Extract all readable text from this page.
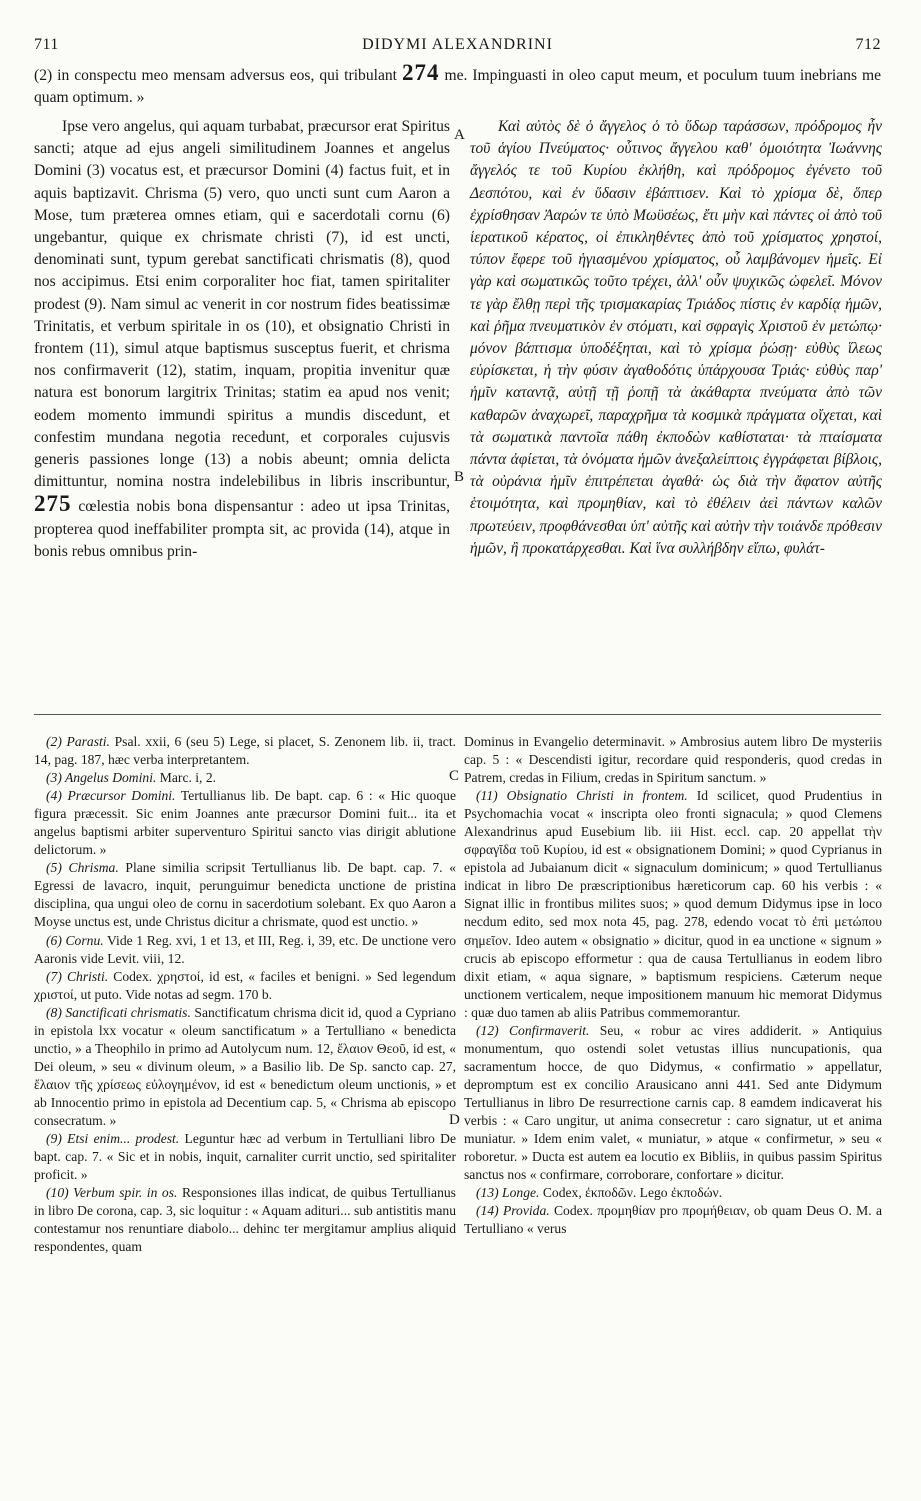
711	DIDYMI ALEXANDRINI	712
(2) in conspectu meo mensam adversus eos, qui tribulant 274 me. Impinguasti in oleo caput meum, et poculum tuum inebrians me quam optimum. »

Ipse vero angelus, qui aquam turbabat, præcursor erat Spiritus sancti; atque ad ejus angeli similitudinem Joannes et angelus Domini (3) vocatus est, et præcursor Domini (4) factus fuit, et in aquis baptizavit. Chrisma (5) vero, quo uncti sunt cum Aaron a Mose, tum præterea omnes etiam, qui e sacerdotali cornu (6) ungebantur, quique ex chrismate christi (7), id est uncti, denominati sunt, typum gerebat sanctificati chrismatis (8), quod nos accipimus. Etsi enim corporaliter hoc fiat, tamen spiritaliter prodest (9). Nam simul ac venerit in cor nostrum fides beatissimæ Trinitatis, et verbum spiritale in os (10), et obsignatio Christi in frontem (11), simul atque baptismus susceptus fuerit, et chrisma nos confirmaverit (12), statim, inquam, propitia invenitur quæ natura est bonorum largitrix Trinitas; statim ea apud nos venit; eodem momento immundi spiritus a mundis discedunt, et confestim mundana negotia recedunt, et corporales cujusvis generis passiones longe (13) a nobis abeunt; omnia delicta dimittuntur, nomina nostra indelebilibus in libris inscribuntur, 275 cœlestia nobis bona dispensantur : adeo ut ipsa Trinitas, propterea quod ineffabiliter prompta sit, ac provida (14), atque in bonis rebus omnibus prin-

Καὶ αὐτὸς δὲ ὁ ἄγγελος ὁ τὸ ὕδωρ ταράσσων, πρόδρομος ἦν τοῦ ἁγίου Πνεύματος· οὗτινος ἄγγελου καθ' ὁμοιότητα Ἰωάννης ἄγγελός τε τοῦ Κυρίου ἐκλήθη, καὶ πρόδρομος ἐγένετο τοῦ Δεσπότου, καὶ ἐν ὕδασιν ἐβάπτισεν. Καὶ τὸ χρίσμα δὲ, ὅπερ ἐχρίσθησαν Ἀαρών τε ὑπὸ Μωϋσέως, ἔτι μὴν καὶ πάντες οἱ ἀπὸ τοῦ ἱερατικοῦ κέρατος, οἱ ἐπικληθέντες ἀπὸ τοῦ χρίσματος χρηστοί, τύπον ἔφερε τοῦ ἡγιασμένου χρίσματος, οὗ λαμβάνομεν ἡμεῖς. Εἰ γὰρ καὶ σωματικῶς τοῦτο τρέχει, ἀλλ' οὖν ψυχικῶς ὠφελεῖ. Μόνον τε γὰρ ἔλθῃ περὶ τῆς τρισμακαρίας Τριάδος πίστις ἐν καρδίᾳ ἡμῶν, καὶ ῥῆμα πνευματικὸν ἐν στόματι, καὶ σφραγὶς Χριστοῦ ἐν μετώπῳ· μόνον βάπτισμα ὑποδέξηται, καὶ τὸ χρίσμα ῥώσῃ· εὐθὺς ἵλεως εὑρίσκεται, ἡ τὴν φύσιν ἀγαθοδότις ὑπάρχουσα Τριάς· εὐθὺς παρ' ἡμῖν καταντᾷ, αὐτῇ τῇ ῥοπῇ τὰ ἀκάθαρτα πνεύματα ἀπὸ τῶν καθαρῶν ἀναχωρεῖ, παραχρῆμα τὰ κοσμικὰ πράγματα οἴχεται, καὶ τὰ σωματικὰ παντοῖα πάθη ἐκποδὼν καθίσταται· τὰ πταίσματα πάντα ἀφίεται, τὰ ὀνόματα ἡμῶν ἀνεξαλείπτοις ἐγγράφεται βίβλοις, τὰ οὐράνια ἡμῖν ἐπιτρέπεται ἀγαθά· ὡς διὰ τὴν ἄφατον αὐτῆς ἑτοιμότητα, καὶ προμηθίαν, καὶ τὸ ἐθέλειν ἀεὶ πάντων καλῶν πρωτεύειν, προφθάνεσθαι ὑπ' αὐτῆς καὶ αὐτὴν τὴν τοιάνδε πρόθεσιν ἡμῶν, ἢ προκατάρχεσθαι. Καὶ ἵνα συλλήβδην εἴπω, φυλάτ-

A
B
C
D

(2) Parasti. Psal. xxii, 6 (seu 5) Lege, si placet, S. Zenonem lib. ii, tract. 14, pag. 187, hæc verba interpretantem.

(3) Angelus Domini. Marc. i, 2.

(4) Præcursor Domini. Tertullianus lib. De bapt. cap. 6 : « Hic quoque figura præcessit. Sic enim Joannes ante præcursor Domini fuit... ita et angelus baptismi arbiter superventuro Spiritui sancto vias dirigit ablutione delictorum. »

(5) Chrisma. Plane similia scripsit Tertullianus lib. De bapt. cap. 7. « Egressi de lavacro, inquit, perunguimur benedicta unctione de pristina disciplina, qua ungui oleo de cornu in sacerdotium solebant. Ex quo Aaron a Moyse unctus est, unde Christus dicitur a chrismate, quod est unctio. »

(6) Cornu. Vide 1 Reg. xvi, 1 et 13, et III, Reg. i, 39, etc. De unctione vero Aaronis vide Levit. viii, 12.

(7) Christi. Codex. χρηστοί, id est, « faciles et benigni. » Sed legendum χριστοί, ut puto. Vide notas ad segm. 170 b.

(8) Sanctificati chrismatis. Sanctificatum chrisma dicit id, quod a Cypriano in epistola lxx vocatur « oleum sanctificatum » a Tertulliano « benedicta unctio, » a Theophilo in primo ad Autolycum num. 12, ἔλαιον Θεοῦ, id est, « Dei oleum, » seu « divinum oleum, » a Basilio lib. De Sp. sancto cap. 27, ἔλαιον τῆς χρίσεως εὐλογημένον, id est « benedictum oleum unctionis, » et ab Innocentio primo in epistola ad Decentium cap. 5, « Chrisma ab episcopo consecratum. »

(9) Etsi enim... prodest. Leguntur hæc ad verbum in Tertulliani libro De bapt. cap. 7. « Sic et in nobis, inquit, carnaliter currit unctio, sed spiritaliter proficit. »

(10) Verbum spir. in os. Responsiones illas indicat, de quibus Tertullianus in libro De corona, cap. 3, sic loquitur : « Aquam adituri... sub antistitis manu contestamur nos renuntiare diabolo... dehinc ter mergitamur amplius aliquid respondentes, quam

Dominus in Evangelio determinavit. » Ambrosius autem libro De mysteriis cap. 5 : « Descendisti igitur, recordare quid responderis, quod credas in Patrem, credas in Filium, credas in Spiritum sanctum. »

(11) Obsignatio Christi in frontem. Id scilicet, quod Prudentius in Psychomachia vocat « inscripta oleo fronti signacula; » quod Clemens Alexandrinus apud Eusebium lib. iii Hist. eccl. cap. 20 appellat τὴν σφραγῖδα τοῦ Κυρίου, id est « obsignationem Domini; » quod Cyprianus in epistola ad Jubaianum dicit « signaculum dominicum; » quod Tertullianus indicat in libro De præscriptionibus hæreticorum cap. 60 his verbis : « Signat illic in frontibus milites suos; » quod demum Didymus ipse in loco necdum edito, sed mox nota 45, pag. 278, edendo vocat τὸ ἐπὶ μετώπου σημεῖον. Ideo autem « obsignatio » dicitur, quod in ea unctione « signum » crucis ab episcopo efformetur : qua de causa Tertullianus in eodem libro dixit etiam, « aqua signare, » baptismum respiciens. Cæterum neque unctionem verticalem, neque impositionem manuum hic memorat Didymus : quæ duo tamen ab aliis Patribus commemorantur.

(12) Confirmaverit. Seu, « robur ac vires addiderit. » Antiquius monumentum, quo ostendi solet vetustas illius nuncupationis, qua sacramentum hocce, de quo Didymus, « confirmatio » appellatur, depromptum est ex concilio Arausicano anni 441. Sed ante Didymum Tertullianus in libro De resurrectione carnis cap. 8 eamdem indicaverat his verbis : « Caro ungitur, ut anima consecretur : caro signatur, ut et anima muniatur. » Idem enim valet, « muniatur, » atque « confirmetur, » seu « roboretur. » Ducta est autem ea locutio ex Bibliis, in quibus passim Spiritus sanctus nos « confirmare, corroborare, confortare » dicitur.

(13) Longe. Codex, ἐκποδῶν. Lego ἐκποδών.

(14) Provida. Codex. προμηθίαν pro προμήθειαν, ob quam Deus O. M. a Tertulliano « verus
